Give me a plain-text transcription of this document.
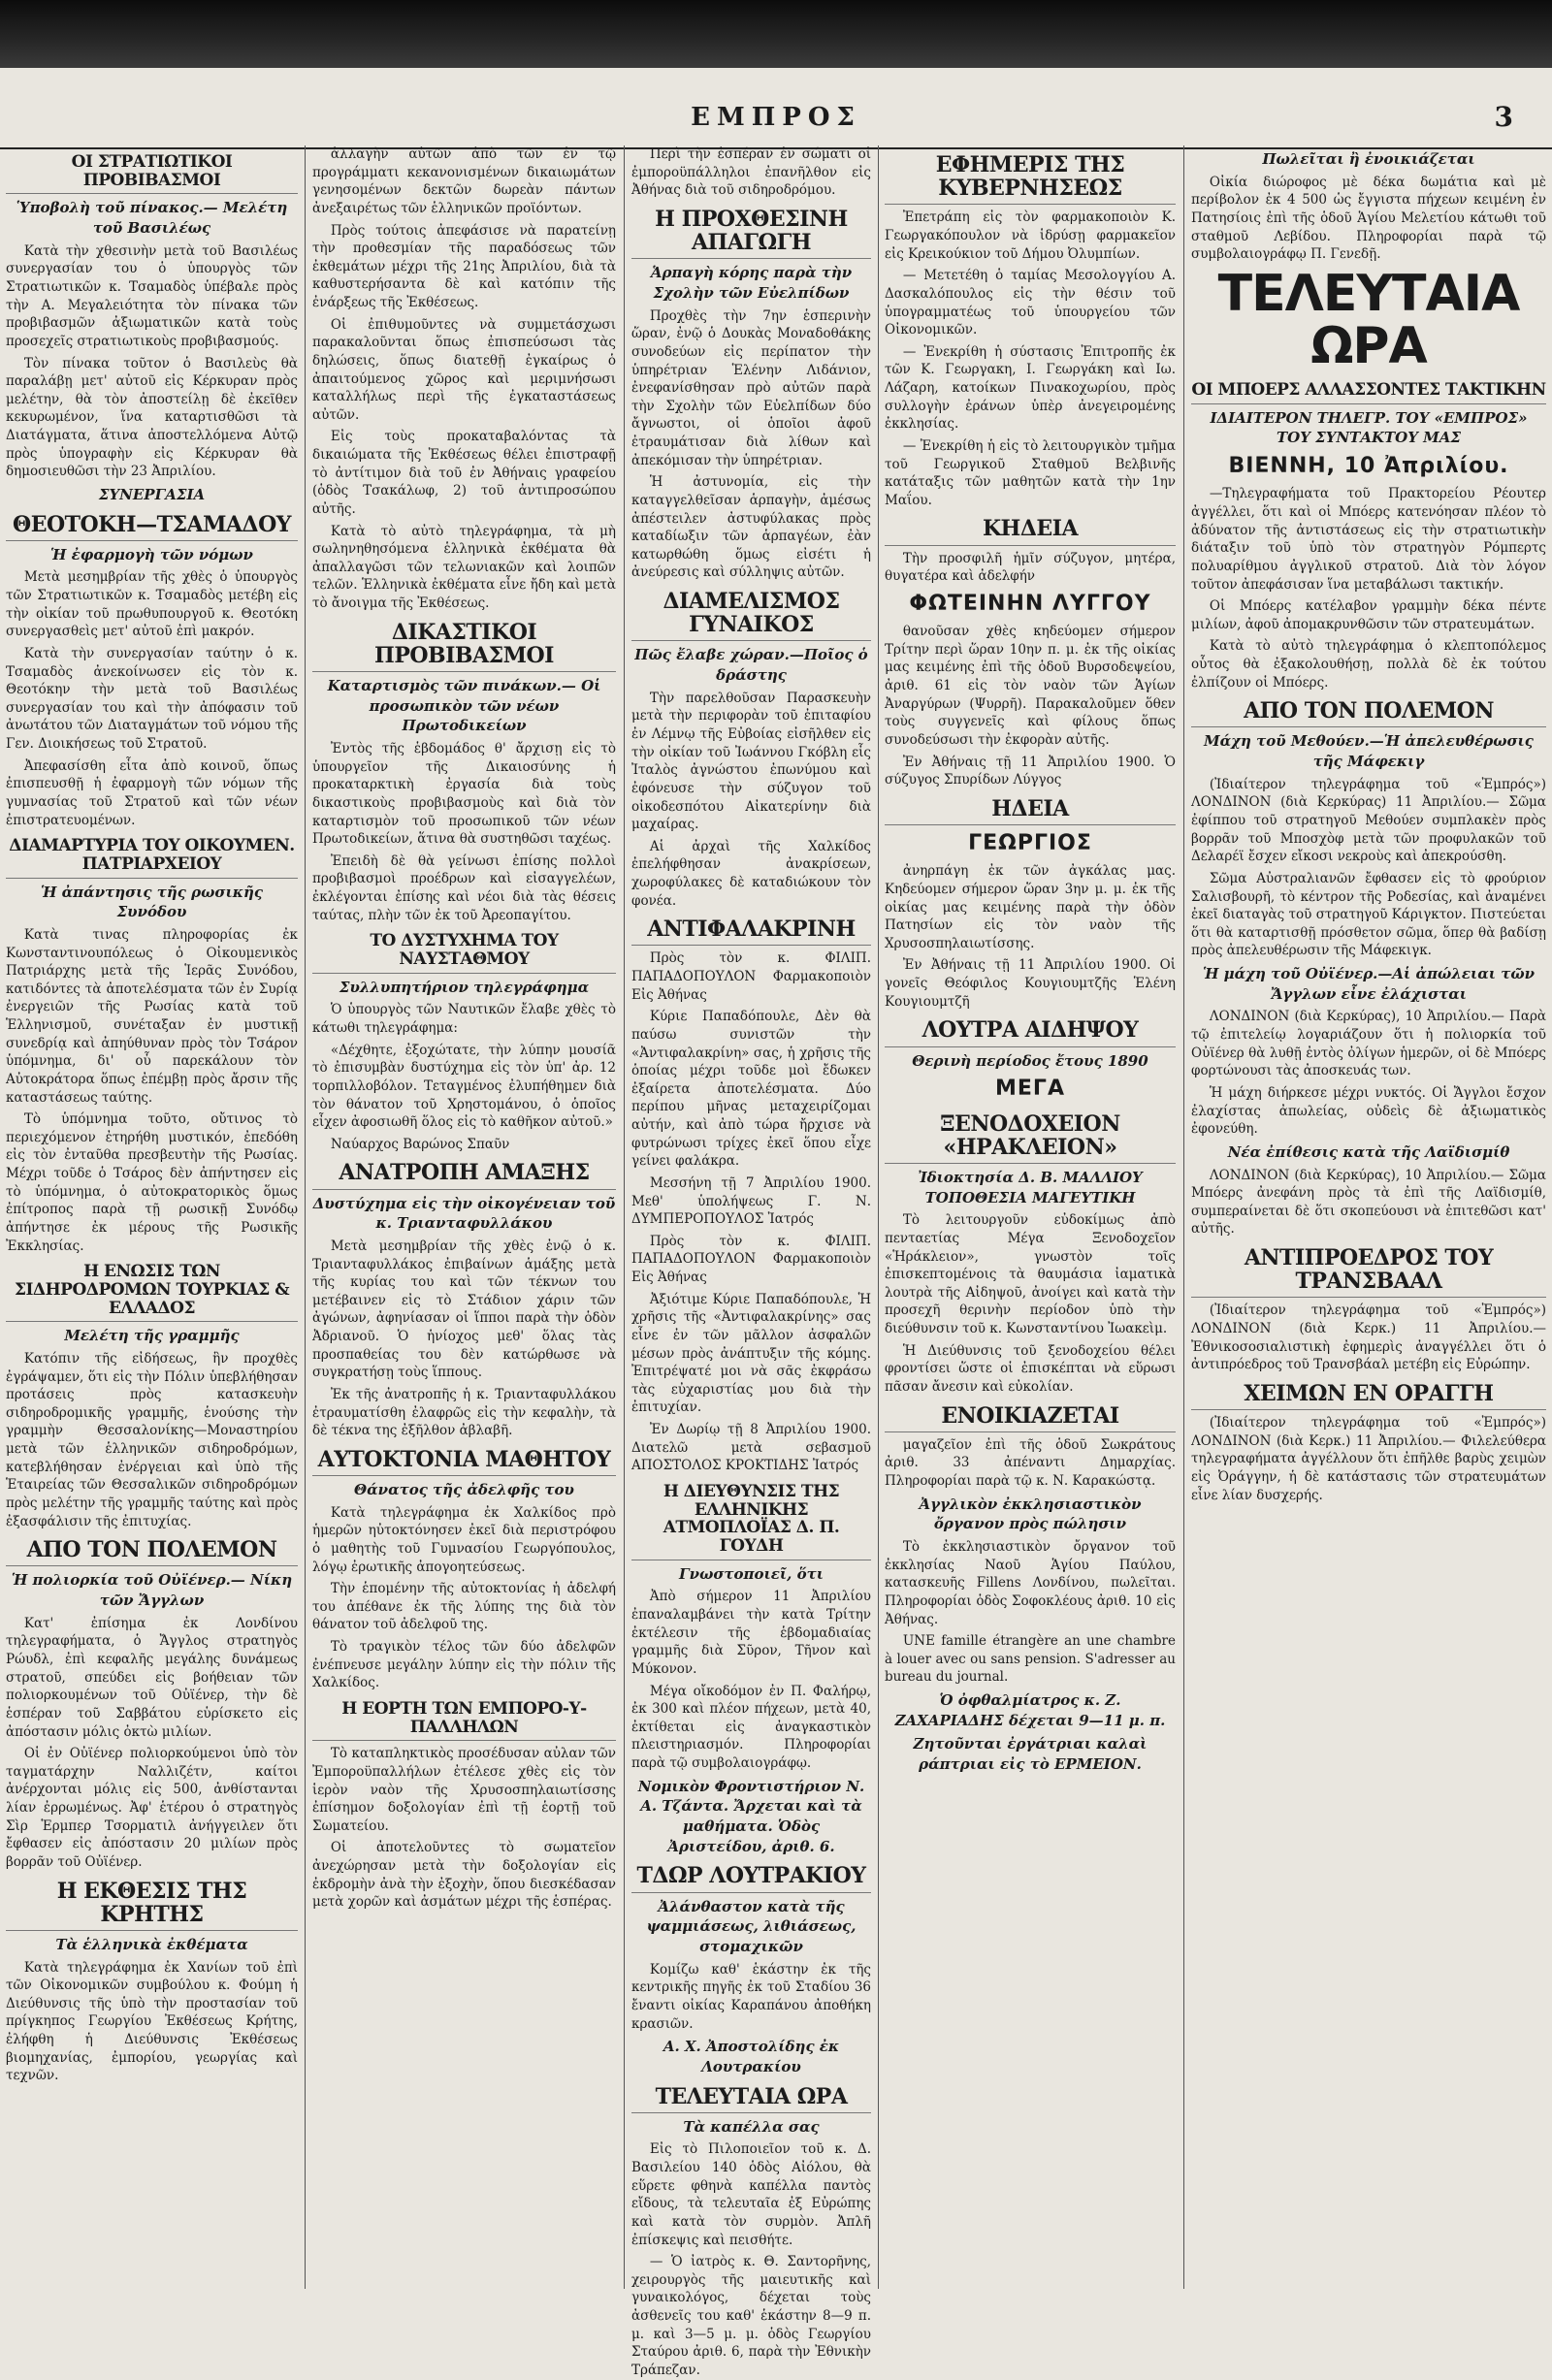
ΕΜΠΡΟΣ	3
ΟΙ ΣΤΡΑΤΙΩΤΙΚΟΙ ΠΡΟΒΙΒΑΣΜΟΙ
Ὑποβολὴ τοῦ πίνακος.— Μελέτη τοῦ Βασιλέως

Κατὰ τὴν χθεσινὴν μετὰ τοῦ Βασιλέως συνεργασίαν του ὁ ὑπουργὸς τῶν Στρατιωτικῶν κ. Τσαμαδὸς ὑπέβαλε πρὸς τὴν Α. Μεγαλειότητα τὸν πίνακα τῶν προβιβασμῶν ἀξιωματικῶν κατὰ τοὺς προσεχεῖς στρατιωτικοὺς προβιβασμούς.

Τὸν πίνακα τοῦτον ὁ Βασιλεὺς θὰ παραλάβῃ μετ' αὐτοῦ εἰς Κέρκυραν πρὸς μελέτην, θὰ τὸν ἀποστείλῃ δὲ ἐκεῖθεν κεκυρωμένον, ἵνα καταρτισθῶσι τὰ Διατάγματα, ἅτινα ἀποστελλόμενα Αὐτῷ πρὸς ὑπογραφὴν εἰς Κέρκυραν θὰ δημοσιευθῶσι τὴν 23 Ἀπριλίου.

ΣΥΝΕΡΓΑΣΙΑ
ΘΕΟΤΟΚΗ—ΤΣΑΜΑΔΟΥ
Ἡ ἐφαρμογὴ τῶν νόμων

Μετὰ μεσημβρίαν τῆς χθὲς ὁ ὑπουργὸς τῶν Στρατιωτικῶν κ. Τσαμαδὸς μετέβη εἰς τὴν οἰκίαν τοῦ πρωθυπουργοῦ κ. Θεοτόκη συνεργασθεὶς μετ' αὐτοῦ ἐπὶ μακρόν.

Κατὰ τὴν συνεργασίαν ταύτην ὁ κ. Τσαμαδὸς ἀνεκοίνωσεν εἰς τὸν κ. Θεοτόκην τὴν μετὰ τοῦ Βασιλέως συνεργασίαν του καὶ τὴν ἀπόφασιν τοῦ ἀνωτάτου τῶν Διαταγμάτων τοῦ νόμου τῆς Γεν. Διοικήσεως τοῦ Στρατοῦ.

Ἀπεφασίσθη εἶτα ἀπὸ κοινοῦ, ὅπως ἐπισπευσθῇ ἡ ἐφαρμογὴ τῶν νόμων τῆς γυμνασίας τοῦ Στρατοῦ καὶ τῶν νέων ἐπιστρατευομένων.

ΔΙΑΜΑΡΤΥΡΙΑ ΤΟΥ ΟΙΚΟΥΜΕΝ. ΠΑΤΡΙΑΡΧΕΙΟΥ
Ἡ ἀπάντησις τῆς ρωσικῆς Συνόδου

Κατὰ τινας πληροφορίας ἐκ Κωνσταντινουπόλεως ὁ Οἰκουμενικὸς Πατριάρχης μετὰ τῆς Ἱερᾶς Συνόδου, κατιδόντες τὰ ἀποτελέσματα τῶν ἐν Συρίᾳ ἐνεργειῶν τῆς Ρωσίας κατὰ τοῦ Ἑλληνισμοῦ, συνέταξαν ἐν μυστικῇ συνεδρίᾳ καὶ ἀπηύθυναν πρὸς τὸν Τσάρον ὑπόμνημα, δι' οὗ παρεκάλουν τὸν Αὐτοκράτορα ὅπως ἐπέμβῃ πρὸς ἄρσιν τῆς καταστάσεως ταύτης.

Τὸ ὑπόμνημα τοῦτο, οὔτινος τὸ περιεχόμενον ἐτηρήθη μυστικόν, ἐπεδόθη εἰς τὸν ἐνταῦθα πρεσβευτὴν τῆς Ρωσίας. Μέχρι τοῦδε ὁ Τσάρος δὲν ἀπήντησεν εἰς τὸ ὑπόμνημα, ὁ αὐτοκρατορικὸς ὅμως ἐπίτροπος παρὰ τῇ ρωσικῇ Συνόδῳ ἀπήντησε ἐκ μέρους τῆς Ρωσικῆς Ἐκκλησίας.

Η ΕΝΩΣΙΣ ΤΩΝ ΣΙΔΗΡΟΔΡΟΜΩΝ ΤΟΥΡΚΙΑΣ & ΕΛΛΑΔΟΣ
Μελέτη τῆς γραμμῆς

Κατόπιν τῆς εἰδήσεως, ἣν προχθὲς ἐγράψαμεν, ὅτι εἰς τὴν Πόλιν ὑπεβλήθησαν προτάσεις πρὸς κατασκευὴν σιδηροδρομικῆς γραμμῆς, ἑνούσης τὴν γραμμὴν Θεσσαλονίκης—Μοναστηρίου μετὰ τῶν ἑλληνικῶν σιδηροδρόμων, κατεβλήθησαν ἐνέργειαι καὶ ὑπὸ τῆς Ἑταιρείας τῶν Θεσσαλικῶν σιδηροδρόμων πρὸς μελέτην τῆς γραμμῆς ταύτης καὶ πρὸς ἐξασφάλισιν τῆς ἐπιτυχίας.

ΑΠΟ ΤΟΝ ΠΟΛΕΜΟΝ
Ἡ πολιορκία τοῦ Οὐϊένερ.— Νίκη τῶν Ἄγγλων

Κατ' ἐπίσημα ἐκ Λονδίνου τηλεγραφήματα, ὁ Ἄγγλος στρατηγὸς Ρώυδλ, ἐπὶ κεφαλῆς μεγάλης δυνάμεως στρατοῦ, σπεύδει εἰς βοήθειαν τῶν πολιορκουμένων τοῦ Οὐϊένερ, τὴν δὲ ἑσπέραν τοῦ Σαββάτου εὑρίσκετο εἰς ἀπόστασιν μόλις ὀκτὼ μιλίων.

Οἱ ἐν Οὐϊένερ πολιορκούμενοι ὑπὸ τὸν ταγματάρχην Ναλλιζέτν, καίτοι ἀνέρχονται μόλις εἰς 500, ἀνθίστανται λίαν ἐρρωμένως. Ἀφ' ἑτέρου ὁ στρατηγὸς Σὶρ Ἑρμπερ Τσορματιλ ἀνήγγειλεν ὅτι ἔφθασεν εἰς ἀπόστασιν 20 μιλίων πρὸς βορρᾶν τοῦ Οὐϊένερ.

Η ΕΚΘΕΣΙΣ ΤΗΣ ΚΡΗΤΗΣ
Τὰ ἑλληνικὰ ἐκθέματα

Κατὰ τηλεγράφημα ἐκ Χανίων τοῦ ἐπὶ τῶν Οἰκονομικῶν συμβούλου κ. Φούμη ἡ Διεύθυνσις τῆς ὑπὸ τὴν προστασίαν τοῦ πρίγκηπος Γεωργίου Ἐκθέσεως Κρήτης, ἐλήφθη ἡ Διεύθυνσις Ἐκθέσεως βιομηχανίας, ἐμπορίου, γεωργίας καὶ τεχνῶν.

ἀλλαγὴν αὐτῶν ἀπὸ τῶν ἐν τῷ προγράμματι κεκανονισμένων δικαιωμάτων γενησομένων δεκτῶν δωρεὰν πάντων ἀνεξαιρέτως τῶν ἑλληνικῶν προϊόντων.

Πρὸς τούτοις ἀπεφάσισε νὰ παρατείνῃ τὴν προθεσμίαν τῆς παραδόσεως τῶν ἐκθεμάτων μέχρι τῆς 21ης Ἀπριλίου, διὰ τὰ καθυστερήσαντα δὲ καὶ κατόπιν τῆς ἐνάρξεως τῆς Ἐκθέσεως.

Οἱ ἐπιθυμοῦντες νὰ συμμετάσχωσι παρακαλοῦνται ὅπως ἐπισπεύσωσι τὰς δηλώσεις, ὅπως διατεθῇ ἐγκαίρως ὁ ἀπαιτούμενος χῶρος καὶ μεριμνήσωσι καταλλήλως περὶ τῆς ἐγκαταστάσεως αὐτῶν.

Εἰς τοὺς προκαταβαλόντας τὰ δικαιώματα τῆς Ἐκθέσεως θέλει ἐπιστραφῇ τὸ ἀντίτιμον διὰ τοῦ ἐν Ἀθήναις γραφείου (ὁδὸς Τσακάλωφ, 2) τοῦ ἀντιπροσώπου αὐτῆς.

Κατὰ τὸ αὐτὸ τηλεγράφημα, τὰ μὴ σωληνηθησόμενα ἑλληνικὰ ἐκθέματα θὰ ἀπαλλαγῶσι τῶν τελωνιακῶν καὶ λοιπῶν τελῶν. Ἑλληνικὰ ἐκθέματα εἶνε ἤδη καὶ μετὰ τὸ ἄνοιγμα τῆς Ἐκθέσεως.

ΔΙΚΑΣΤΙΚΟΙ ΠΡΟΒΙΒΑΣΜΟΙ
Καταρτισμὸς τῶν πινάκων.— Οἱ προσωπικὸν τῶν νέων Πρωτοδικείων

Ἐντὸς τῆς ἑβδομάδος θ' ἄρχισῃ εἰς τὸ ὑπουργεῖον τῆς Δικαιοσύνης ἡ προκαταρκτικὴ ἐργασία διὰ τοὺς δικαστικοὺς προβιβασμοὺς καὶ διὰ τὸν καταρτισμὸν τοῦ προσωπικοῦ τῶν νέων Πρωτοδικείων, ἅτινα θὰ συστηθῶσι ταχέως.

Ἐπειδὴ δὲ θὰ γείνωσι ἐπίσης πολλοὶ προβιβασμοὶ προέδρων καὶ εἰσαγγελέων, ἐκλέγονται ἐπίσης καὶ νέοι διὰ τὰς θέσεις ταύτας, πλὴν τῶν ἐκ τοῦ Ἀρεοπαγίτου.

ΤΟ ΔΥΣΤΥΧΗΜΑ ΤΟΥ ΝΑΥΣΤΑΘΜΟΥ
Συλλυπητήριον τηλεγράφημα

Ὁ ὑπουργὸς τῶν Ναυτικῶν ἔλαβε χθὲς τὸ κάτωθι τηλεγράφημα:

«Δέχθητε, ἐξοχώτατε, τὴν λύπην μουσίᾶ τὸ ἐπισυμβὰν δυστύχημα εἰς τὸν ὑπ' ἀρ. 12 τορπιλλοβόλον. Τεταγμένος ἐλυπήθημεν διὰ τὸν θάνατον τοῦ Χρηστομάνου, ὁ ὁποῖος εἶχεν ἀφοσιωθῆ ὅλος εἰς τὸ καθῆκον αὐτοῦ.»

Ναύαρχος Βαρώνος Σπαῦν

ΑΝΑΤΡΟΠΗ ΑΜΑΞΗΣ
Δυστύχημα εἰς τὴν οἰκογένειαν τοῦ κ. Τριανταφυλλάκου

Μετὰ μεσημβρίαν τῆς χθὲς ἐνῷ ὁ κ. Τριανταφυλλάκος ἐπιβαίνων ἁμάξης μετὰ τῆς κυρίας του καὶ τῶν τέκνων του μετέβαινεν εἰς τὸ Στάδιον χάριν τῶν ἀγώνων, ἀφηνίασαν οἱ ἵπποι παρὰ τὴν ὁδὸν Ἀδριανοῦ. Ὁ ἡνίοχος μεθ' ὅλας τὰς προσπαθείας του δὲν κατώρθωσε νὰ συγκρατήσῃ τοὺς ἵππους.

Ἐκ τῆς ἀνατροπῆς ἡ κ. Τριανταφυλλάκου ἐτραυματίσθη ἐλαφρῶς εἰς τὴν κεφαλὴν, τὰ δὲ τέκνα της ἐξῆλθον ἀβλαβῆ.

ΑΥΤΟΚΤΟΝΙΑ ΜΑΘΗΤΟΥ
Θάνατος τῆς ἀδελφῆς του

Κατὰ τηλεγράφημα ἐκ Χαλκίδος πρὸ ἡμερῶν ηὐτοκτόνησεν ἐκεῖ διὰ περιστρόφου ὁ μαθητὴς τοῦ Γυμνασίου Γεωργόπουλος, λόγῳ ἐρωτικῆς ἀπογοητεύσεως.

Τὴν ἑπομένην τῆς αὐτοκτονίας ἡ ἀδελφή του ἀπέθανε ἐκ τῆς λύπης της διὰ τὸν θάνατον τοῦ ἀδελφοῦ της.

Τὸ τραγικὸν τέλος τῶν δύο ἀδελφῶν ἐνέπνευσε μεγάλην λύπην εἰς τὴν πόλιν τῆς Χαλκίδος.

Η ΕΟΡΤΗ ΤΩΝ ΕΜΠΟΡΟ-Υ-ΠΑΛΛΗΛΩΝ

Τὸ καταπληκτικὸς προσέδυσαν αὐλαν τῶν Ἐμποροϋπαλλήλων ἐτέλεσε χθὲς εἰς τὸν ἱερὸν ναὸν τῆς Χρυσοσπηλαιωτίσσης ἐπίσημον δοξολογίαν ἐπὶ τῇ ἑορτῇ τοῦ Σωματείου.

Οἱ ἀποτελοῦντες τὸ σωματεῖον ἀνεχώρησαν μετὰ τὴν δοξολογίαν εἰς ἐκδρομὴν ἀνὰ τὴν ἐξοχὴν, ὅπου διεσκέδασαν μετὰ χορῶν καὶ ἀσμάτων μέχρι τῆς ἑσπέρας.

Περὶ τὴν ἑσπέραν ἐν σώματι οἱ ἐμποροϋπάλληλοι ἐπανῆλθον εἰς Ἀθήνας διὰ τοῦ σιδηροδρόμου.

Η ΠΡΟΧΘΕΣΙΝΗ ΑΠΑΓΩΓΗ
Ἁρπαγὴ κόρης παρὰ τὴν Σχολὴν τῶν Εὐελπίδων

Προχθὲς τὴν 7ην ἑσπερινὴν ὥραν, ἐνῷ ὁ Δουκὰς Μοναδοθάκης συνοδεύων εἰς περίπατον τὴν ὑπηρέτριαν Ἑλένην Λιδάνιον, ἐνεφανίσθησαν πρὸ αὐτῶν παρὰ τὴν Σχολὴν τῶν Εὐελπίδων δύο ἄγνωστοι, οἱ ὁποῖοι ἀφοῦ ἐτραυμάτισαν διὰ λίθων καὶ ἀπεκόμισαν τὴν ὑπηρέτριαν.

Ἡ ἀστυνομία, εἰς τὴν καταγγελθεῖσαν ἁρπαγὴν, ἀμέσως ἀπέστειλεν ἀστυφύλακας πρὸς καταδίωξιν τῶν ἁρπαγέων, ἐὰν κατωρθώθη ὅμως εἰσέτι ἡ ἀνεύρεσις καὶ σύλληψις αὐτῶν.

ΔΙΑΜΕΛΙΣΜΟΣ ΓΥΝΑΙΚΟΣ
Πῶς ἔλαβε χώραν.—Ποῖος ὁ δράστης

Τὴν παρελθοῦσαν Παρασκευὴν μετὰ τὴν περιφορὰν τοῦ ἐπιταφίου ἐν Λέμνῳ τῆς Εὐβοίας εἰσῆλθεν εἰς τὴν οἰκίαν τοῦ Ἰωάννου Γκόβλη εἷς Ἰταλὸς ἀγνώστου ἐπωνύμου καὶ ἐφόνευσε τὴν σύζυγον τοῦ οἰκοδεσπότου Αἰκατερίνην διὰ μαχαίρας.

Αἱ ἀρχαὶ τῆς Χαλκίδος ἐπελήφθησαν ἀνακρίσεων, χωροφύλακες δὲ καταδιώκουν τὸν φονέα.

ΑΝΤΙΦΑΛΑΚΡΙΝΗ

Πρὸς τὸν κ. ΦΙΛΙΠ. ΠΑΠΑΔΟΠΟΥΛΟΝ Φαρμακοποιὸν Εἰς Ἀθήνας

Κύριε Παπαδόπουλε, Δὲν θὰ παύσω συνιστῶν τὴν «Ἀντιφαλακρίνη» σας, ἡ χρῆσις τῆς ὁποίας μέχρι τοῦδε μοὶ ἔδωκεν ἐξαίρετα ἀποτελέσματα. Δύο περίπου μῆνας μεταχειρίζομαι αὐτήν, καὶ ἀπὸ τώρα ἤρχισε νὰ φυτρώνωσι τρίχες ἐκεῖ ὅπου εἶχε γείνει φαλάκρα.

Μεσσήνη τῇ 7 Ἀπριλίου 1900. Μεθ' ὑπολήψεως Γ. Ν. ΔΥΜΠΕΡΟΠΟΥΛΟΣ Ἰατρός

Πρὸς τὸν κ. ΦΙΛΙΠ. ΠΑΠΑΔΟΠΟΥΛΟΝ Φαρμακοποιὸν Εἰς Ἀθήνας

Ἀξιότιμε Κύριε Παπαδόπουλε, Ἡ χρῆσις τῆς «Ἀντιφαλακρίνης» σας εἶνε ἐν τῶν μᾶλλον ἀσφαλῶν μέσων πρὸς ἀνάπτυξιν τῆς κόμης. Ἐπιτρέψατέ μοι νὰ σᾶς ἐκφράσω τὰς εὐχαριστίας μου διὰ τὴν ἐπιτυχίαν.

Ἐν Δωρίῳ τῇ 8 Ἀπριλίου 1900. Διατελῶ μετὰ σεβασμοῦ ΑΠΟΣΤΟΛΟΣ ΚΡΟΚΤΙΔΗΣ Ἰατρός

Η ΔΙΕΥΘΥΝΣΙΣ ΤΗΣ ΕΛΛΗΝΙΚΗΣ ΑΤΜΟΠΛΟΪΑΣ Δ. Π. ΓΟΥΔΗ
Γνωστοποιεῖ, ὅτι

Ἀπὸ σήμερον 11 Ἀπριλίου ἐπαναλαμβάνει τὴν κατὰ Τρίτην ἐκτέλεσιν τῆς ἑβδομαδιαίας γραμμῆς διὰ Σῦρον, Τῆνον καὶ Μύκονον.

Μέγα οἴκοδόμον ἐν Π. Φαλήρῳ, ἐκ 300 καὶ πλέον πήχεων, μετὰ 40, ἐκτίθεται εἰς ἀναγκαστικὸν πλειστηριασμόν. Πληροφορίαι παρὰ τῷ συμβολαιογράφῳ.

Νομικὸν Φροντιστήριον Ν. Α. Τζάντα. Ἄρχεται καὶ τὰ μαθήματα. Ὁδὸς Ἀριστείδου, ἀριθ. 6.
ΤΔΩΡ ΛΟΥΤΡΑΚΙΟΥ
Ἀλάνθαστον κατὰ τῆς ψαμμιάσεως, λιθιάσεως, στομαχικῶν

Κομίζω καθ' ἑκάστην ἐκ τῆς κεντρικῆς πηγῆς ἐκ τοῦ Σταδίου 36 ἔναντι οἰκίας Καραπάνου ἀποθήκη κρασιῶν.

Α. Χ. Ἀποστολίδης ἐκ Λουτρακίου
ΤΕΛΕΥΤΑΙΑ ΩΡΑ
Τὰ καπέλλα σας

Εἰς τὸ Πιλοποιεῖον τοῦ κ. Δ. Βασιλείου 140 ὁδὸς Αἰόλου, θὰ εὕρετε φθηνὰ καπέλλα παντὸς εἴδους, τὰ τελευταῖα ἐξ Εὐρώπης καὶ κατὰ τὸν συρμὸν. Ἀπλῆ ἐπίσκεψις καὶ πεισθήτε.

— Ὁ ἰατρὸς κ. Θ. Σαντορῆνης, χειρουργὸς τῆς μαιευτικῆς καὶ γυναικολόγος, δέχεται τοὺς ἀσθενεῖς του καθ' ἑκάστην 8—9 π. μ. καὶ 3—5 μ. μ. ὁδὸς Γεωργίου Σταύρου ἀριθ. 6, παρὰ τὴν Ἐθνικὴν Τράπεζαν.

ΕΦΗΜΕΡΙΣ ΤΗΣ ΚΥΒΕΡΝΗΣΕΩΣ

Ἐπετράπη εἰς τὸν φαρμακοποιὸν Κ. Γεωργακόπουλον νὰ ἱδρύσῃ φαρμακεῖον εἰς Κρεικούκιον τοῦ Δήμου Ὀλυμπίων.

— Μετετέθη ὁ ταμίας Μεσολογγίου Α. Δασκαλόπουλος εἰς τὴν θέσιν τοῦ ὑπογραμματέως τοῦ ὑπουργείου τῶν Οἰκονομικῶν.

— Ἐνεκρίθη ἡ σύστασις Ἐπιτροπῆς ἐκ τῶν Κ. Γεωργακη, Ι. Γεωργάκη καὶ Ιω. Λάζαρη, κατοίκων Πινακοχωρίου, πρὸς συλλογὴν ἐράνων ὑπὲρ ἀνεγειρομένης ἐκκλησίας.

— Ἐνεκρίθη ἡ εἰς τὸ λειτουργικὸν τμῆμα τοῦ Γεωργικοῦ Σταθμοῦ Βελβινῆς κατάταξις τῶν μαθητῶν κατὰ τὴν 1ην Μαΐου.

ΚΗΔΕΙΑ

Τὴν προσφιλῆ ἡμῖν σύζυγον, μητέρα, θυγατέρα καὶ ἀδελφήν

ΦΩΤΕΙΝΗΝ ΛΥΓΓΟΥ

θανοῦσαν χθὲς κηδεύομεν σήμερον Τρίτην περὶ ὥραν 10ην π. μ. ἐκ τῆς οἰκίας μας κειμένης ἐπὶ τῆς ὁδοῦ Βυρσοδεψείου, ἀριθ. 61 εἰς τὸν ναὸν τῶν Ἁγίων Ἀναργύρων (Ψυρρῆ). Παρακαλοῦμεν ὅθεν τοὺς συγγενεῖς καὶ φίλους ὅπως συνοδεύσωσι τὴν ἐκφορὰν αὐτῆς.

Ἐν Ἀθήναις τῇ 11 Ἀπριλίου 1900. Ὁ σύζυγος Σπυρίδων Λύγγος

ΗΔΕΙΑ
ΓΕΩΡΓΙΟΣ

ἀνηρπάγη ἐκ τῶν ἀγκάλας μας. Κηδεύομεν σήμερον ὥραν 3ην μ. μ. ἐκ τῆς οἰκίας μας κειμένης παρὰ τὴν ὁδὸν Πατησίων εἰς τὸν ναὸν τῆς Χρυσοσπηλαιωτίσσης.

Ἐν Ἀθήναις τῇ 11 Ἀπριλίου 1900. Οἱ γονεῖς Θεόφιλος Κουγιουμτζῆς Ἑλένη Κουγιουμτζῆ

ΛΟΥΤΡΑ ΑΙΔΗΨΟΥ
Θερινὴ περίοδος ἔτους 1890
ΜΕΓΑ
ΞΕΝΟΔΟΧΕΙΟΝ «ΗΡΑΚΛΕΙΟΝ»
Ἰδιοκτησία Δ. Β. ΜΑΛΛΙΟΥ ΤΟΠΟΘΕΣΙΑ ΜΑΓΕΥΤΙΚΗ

Τὸ λειτουργοῦν εὐδοκίμως ἀπὸ πενταετίας Μέγα Ξενοδοχεῖον «Ἡράκλειον», γνωστὸν τοῖς ἐπισκεπτομένοις τὰ θαυμάσια ἰαματικὰ λουτρὰ τῆς Αἰδηψοῦ, ἀνοίγει καὶ κατὰ τὴν προσεχῆ θερινὴν περίοδον ὑπὸ τὴν διεύθυνσιν τοῦ κ. Κωνσταντίνου Ἰωακεὶμ.

Ἡ Διεύθυνσις τοῦ ξενοδοχείου θέλει φροντίσει ὥστε οἱ ἐπισκέπται νὰ εὕρωσι πᾶσαν ἄνεσιν καὶ εὐκολίαν.

ΕΝΟΙΚΙΑΖΕΤΑΙ

μαγαζεῖον ἐπὶ τῆς ὁδοῦ Σωκράτους ἀριθ. 33 ἀπέναντι Δημαρχίας. Πληροφορίαι παρὰ τῷ κ. Ν. Καρακώστᾳ.

Ἀγγλικὸν ἐκκλησιαστικὸν ὄργανον πρὸς πώλησιν

Τὸ ἐκκλησιαστικὸν ὄργανον τοῦ ἐκκλησίας Ναοῦ Ἁγίου Παύλου, κατασκευῆς Fillens Λονδίνου, πωλεῖται. Πληροφορίαι ὁδὸς Σοφοκλέους ἀριθ. 10 εἰς Ἀθήνας.

UNE famille étrangère an une chambre à louer avec ou sans pension. S'adresser au bureau du journal.

Ὁ ὀφθαλμίατρος κ. Ζ. ΖΑΧΑΡΙΑΔΗΣ δέχεται 9—11 μ. π.
Ζητοῦνται ἐργάτριαι καλαὶ ράπτριαι εἰς τὸ ΕΡΜΕΙΟΝ.
Πωλεῖται ἢ ἐνοικιάζεται

Οἰκία διώροφος μὲ δέκα δωμάτια καὶ μὲ περίβολον ἐκ 4 500 ὡς ἔγγιστα πήχεων κειμένη ἐν Πατησίοις ἐπὶ τῆς ὁδοῦ Ἁγίου Μελετίου κάτωθι τοῦ σταθμοῦ Λεβίδου. Πληροφορίαι παρὰ τῷ συμβολαιογράφῳ Π. Γενεδῇ.

ΤΕΛΕΥΤΑΙΑ ΩΡΑ
ΟΙ ΜΠΟΕΡΣ ΑΛΛΑΣΣΟΝΤΕΣ ΤΑΚΤΙΚΗΝ
ΙΔΙΑΙΤΕΡΟΝ ΤΗΛΕΓΡ. ΤΟΥ «ΕΜΠΡΟΣ» ΤΟΥ ΣΥΝΤΑΚΤΟΥ ΜΑΣ
ΒΙΕΝΝΗ, 10 Ἀπριλίου.

—Τηλεγραφήματα τοῦ Πρακτορείου Ρέουτερ ἀγγέλλει, ὅτι καὶ οἱ Μπόερς κατενόησαν πλέον τὸ ἀδύνατον τῆς ἀντιστάσεως εἰς τὴν στρατιωτικὴν διάταξιν τοῦ ὑπὸ τὸν στρατηγὸν Ρόμπερτς πολυαρίθμου ἀγγλικοῦ στρατοῦ. Διὰ τὸν λόγον τοῦτον ἀπεφάσισαν ἵνα μεταβάλωσι τακτικήν.

Οἱ Μπόερς κατέλαβον γραμμὴν δέκα πέντε μιλίων, ἀφοῦ ἀπομακρυνθῶσιν τῶν στρατευμάτων.

Κατὰ τὸ αὐτὸ τηλεγράφημα ὁ κλεπτοπόλεμος οὗτος θὰ ἐξακολουθήσῃ, πολλὰ δὲ ἐκ τούτου ἐλπίζουν οἱ Μπόερς.

ΑΠΟ ΤΟΝ ΠΟΛΕΜΟΝ
Μάχη τοῦ Μεθούεν.—Ἡ ἀπελευθέρωσις τῆς Μάφεκιγ

(Ἰδιαίτερον τηλεγράφημα τοῦ «Ἐμπρός») ΛΟΝΔΙΝΟΝ (διὰ Κερκύρας) 11 Ἀπριλίου.— Σῶμα ἐφίππου τοῦ στρατηγοῦ Μεθούεν συμπλακὲν πρὸς βορρᾶν τοῦ Μποσχὸφ μετὰ τῶν προφυλακῶν τοῦ Δελαρέϊ ἔσχεν εἴκοσι νεκροὺς καὶ ἀπεκρούσθη.

Σῶμα Αὐστραλιανῶν ἔφθασεν εἰς τὸ φρούριον Σαλισβουρῆ, τὸ κέντρον τῆς Ροδεσίας, καὶ ἀναμένει ἐκεῖ διαταγὰς τοῦ στρατηγοῦ Κάριγκτον. Πιστεύεται ὅτι θὰ καταρτισθῇ πρόσθετον σῶμα, ὅπερ θὰ βαδίσῃ πρὸς ἀπελευθέρωσιν τῆς Μάφεκιγκ.

Ἡ μάχη τοῦ Οὐϊένερ.—Αἱ ἀπώλειαι τῶν Ἄγγλων εἶνε ἐλάχισται

ΛΟΝΔΙΝΟΝ (διὰ Κερκύρας), 10 Ἀπριλίου.— Παρὰ τῷ ἐπιτελείῳ λογαριάζουν ὅτι ἡ πολιορκία τοῦ Οὐϊένερ θὰ λυθῇ ἐντὸς ὀλίγων ἡμερῶν, οἱ δὲ Μπόερς φορτώνουσι τὰς ἀποσκευάς των.

Ἡ μάχη διήρκεσε μέχρι νυκτός. Οἱ Ἄγγλοι ἔσχον ἐλαχίστας ἀπωλείας, οὐδεὶς δὲ ἀξιωματικὸς ἐφονεύθη.

Νέα ἐπίθεσις κατὰ τῆς Λαϊδισμίθ

ΛΟΝΔΙΝΟΝ (διὰ Κερκύρας), 10 Ἀπριλίου.— Σῶμα Μπόερς ἀνεφάνη πρὸς τὰ ἐπὶ τῆς Λαϊδισμίθ, συμπεραίνεται δὲ ὅτι σκοπεύουσι νὰ ἐπιτεθῶσι κατ' αὐτῆς.

ΑΝΤΙΠΡΟΕΔΡΟΣ ΤΟΥ ΤΡΑΝΣΒΑΑΛ

(Ἰδιαίτερον τηλεγράφημα τοῦ «Ἐμπρός») ΛΟΝΔΙΝΟΝ (διὰ Κερκ.) 11 Ἀπριλίου.— Ἐθνικοσοσιαλιστικὴ ἐφημερὶς ἀναγγέλλει ὅτι ὁ ἀντιπρόεδρος τοῦ Τρανσβάαλ μετέβη εἰς Εὐρώπην.

ΧΕΙΜΩΝ ΕΝ ΟΡΑΓΓΗ

(Ἰδιαίτερον τηλεγράφημα τοῦ «Ἐμπρός») ΛΟΝΔΙΝΟΝ (διὰ Κερκ.) 11 Ἀπριλίου.— Φιλελεύθερα τηλεγραφήματα ἀγγέλλουν ὅτι ἐπῆλθε βαρὺς χειμὼν εἰς Ὀράγγην, ἡ δὲ κατάστασις τῶν στρατευμάτων εἶνε λίαν δυσχερής.
